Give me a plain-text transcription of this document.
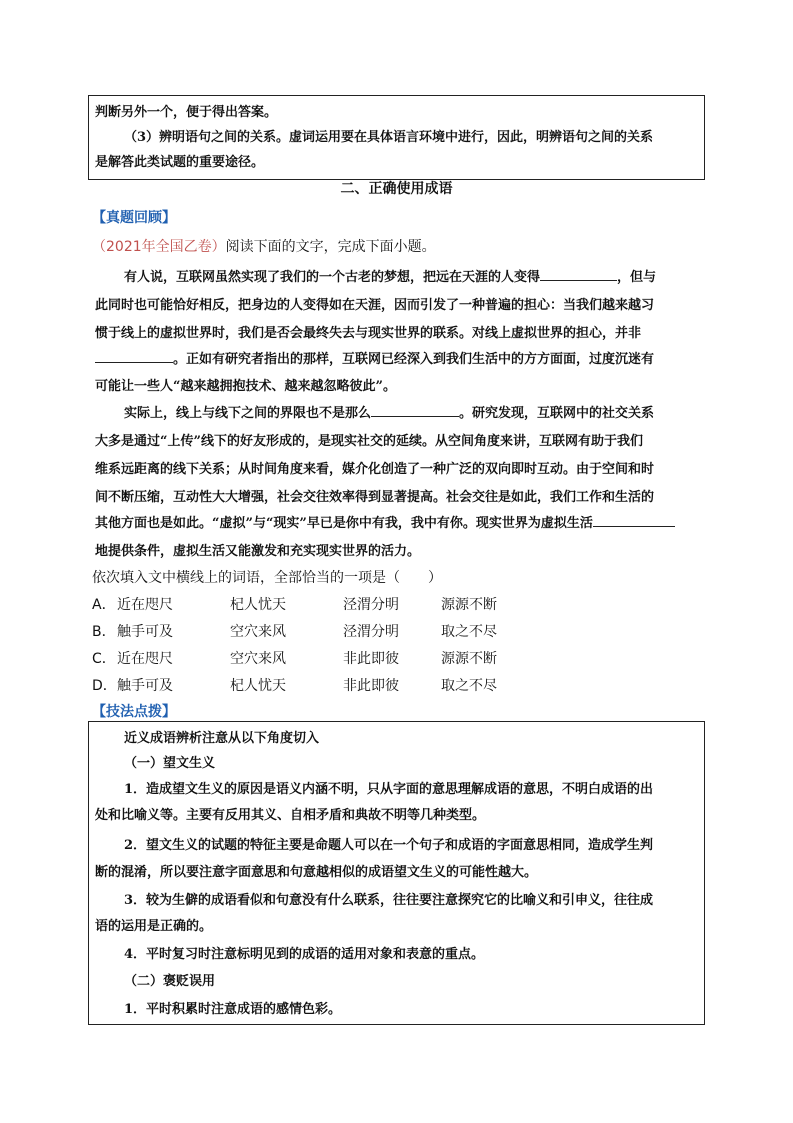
判断另外一个，便于得出答案。
（3）辨明语句之间的关系。虚词运用要在具体语言环境中进行，因此，明辨语句之间的关系
是解答此类试题的重要途径。
二、正确使用成语
【真题回顾】
（2021年全国乙卷）阅读下面的文字，完成下面小题。
有人说，互联网虽然实现了我们的一个古老的梦想，把远在天涯的人变得	，但与
此同时也可能恰好相反，把身边的人变得如在天涯，因而引发了一种普遍的担心：当我们越来越习
惯于线上的虚拟世界时，我们是否会最终失去与现实世界的联系。对线上虚拟世界的担心，并非
。正如有研究者指出的那样，互联网已经深入到我们生活中的方方面面，过度沉迷有
可能让一些人“越来越拥抱技术、越来越忽略彼此”。
实际上，线上与线下之间的界限也不是那么	。研究发现，互联网中的社交关系
大多是通过“上传”线下的好友形成的，是现实社交的延续。从空间角度来讲，互联网有助于我们
维系远距离的线下关系；从时间角度来看，媒介化创造了一种广泛的双向即时互动。由于空间和时
间不断压缩，互动性大大增强，社会交往效率得到显著提高。社会交往是如此，我们工作和生活的
其他方面也是如此。“虚拟”与“现实”早已是你中有我，我中有你。现实世界为虚拟生活
地提供条件，虚拟生活又能激发和充实现实世界的活力。
依次填入文中横线上的词语，全部恰当的一项是（　　）
A． 近在咫尺	杞人忧天	泾渭分明	源源不断
B． 触手可及	空穴来风	泾渭分明	取之不尽
C． 近在咫尺	空穴来风	非此即彼	源源不断
D． 触手可及	杞人忧天	非此即彼	取之不尽
【技法点拨】
近义成语辨析注意从以下角度切入
（一）望文生义
1．造成望文生义的原因是语义内涵不明，只从字面的意思理解成语的意思，不明白成语的出
处和比喻义等。主要有反用其义、自相矛盾和典故不明等几种类型。
2．望文生义的试题的特征主要是命题人可以在一个句子和成语的字面意思相同，造成学生判
断的混淆，所以要注意字面意思和句意越相似的成语望文生义的可能性越大。
3．较为生僻的成语看似和句意没有什么联系，往往要注意探究它的比喻义和引申义，往往成
语的运用是正确的。
4．平时复习时注意标明见到的成语的适用对象和表意的重点。
（二）褒贬误用
1．平时积累时注意成语的感情色彩。
